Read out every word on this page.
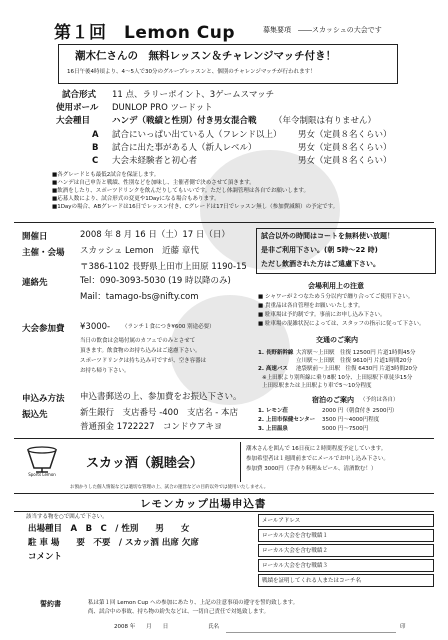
第１回　Lemon Cup	募集要項 ――スカッシュの大会です
潮木仁さんの　無料レッスン＆チャレンジマッチ付き！
16日午後4時頃より、4〜5人で30分のグループレッスンと、個別のチャレンジマッチが行われます！
試合形式 11 点、ラリーポイント、3ゲームスマッチ
使用ボール DUNLOP PRO ツードット
大会種目	ハンデ（戦績と性別）付き男女混合戦 （年令制限は有りません）
A 試合にいっぱい出ている人（フレンド以上） 男女（定員８名くらい）
B 試合に出た事がある人（新人レベル）	男女（定員８名くらい）
C 大会未経験者と初心者	男女（定員８名くらい）
■各グレードとも最低2試合を保証します。
■ハンデは自己申告と戦績、性別などを加味し、主催者側で決めさせて頂きます。
■飲酒をしたり、スポーツドリンクを飲んだりしてもいいです。ただし体調管理は各自でお願いします。
■応募人数により、試合形式の変更や1Dayになる場合もあります。
■1Dayの場合、ABグレードは16日でレッスン付き、Cグレードは17日でレッスン無し（参加費減額）の予定です。
開催日	2008 年 8 月 16 日（土）17 日（日）
主催・会場 スカッシュ Lemon　近藤 章代
〒386-1102 長野県上田市上田原 1190-15
連絡先	Tel：090-3093-5030 (19 時以降のみ)
Mail：tamago-bs@nifty.com
大会参加費 ¥3000- （ランチ１食につき¥600 別途必要）
当日の飲食は会場付属のカフェでのみとさせて
頂きます。飲食物のお持ち込みはご遠慮下さい。
スポーツドリンクは持ち込み可ですが、空き容器は
お持ち帰り下さい。
申込み方法 申込書郵送の上、参加費をお振込下さい。
振込先	新生銀行　支店番号 -400　支店名 - 本店
普通預金 1722227　コンドウアキヨ
試合以外の時間はコートを無料使い放題！
是非ご利用下さい。(朝 5時〜22 時)
ただし飲酒された方はご遠慮下さい。
会場利用上の注意
■ シャワーが２つなため５分以内で纏り合ってご使用下さい。
■ 貴重品は各自管理をお願いいたします。
■ 駐車場は予約制です。事前にお申し込み下さい。
■ 駐車場の混雑状況によっては、スタッフの指示に従って下さい。
交通のご案内
1. 長野新幹線 大宮駅〜上田駅　往復 12500円 片道1時間45分
立川駅〜上田駅　往復 9610円 片道1時間20分
2. 高速バス 池袋駅前〜上田駅　往復 6430円 片道3時間20分
※上田駅より別所線に乗り8駅 10分、上田原駅下車徒歩15分
上田原駅または上田駅より車で5〜10分程度
宿泊のご案内 （予約は各自）
1. レモン荘	2000 円（朝食付き 2500円）
2. 上田市保健センター 3500 円〜4000円程度
3. 上田温泉	5000 円〜7500円
Sports Lemon
スカッ酒（親睦会）
潮木さんを囲んで 16日夜に２時間程度予定しています。
参加希望者は１週間前までにメールでお申し込み下さい。
参加費 3000円（手作り料理＆ビール、清酒飲む！）
お預かりした個人情報などは適切な管理の上、試合の運営などの目的以外では使用いたしません。
レモンカップ出場申込書
該当する物を○で囲んで下さい。
出場種目　A　B　C　/ 性別　　男　　女
駐 車 場　　要　不要　/ スカッ酒 出席 欠席
コメント
メールアドレス
ローカル大会を含む戦績１
ローカル大会を含む戦績２
ローカル大会を含む戦績３
戦績を証明してくれる人またはコーチ名
誓約書	私は第１回 Lemon Cup への参加にあたり、上記の注意事項の遵守を誓約致します。
尚、試合中の事故、持ち物の紛失などは、一切自己責任で対処致します。
2008 年　　月　　日	氏名	印
